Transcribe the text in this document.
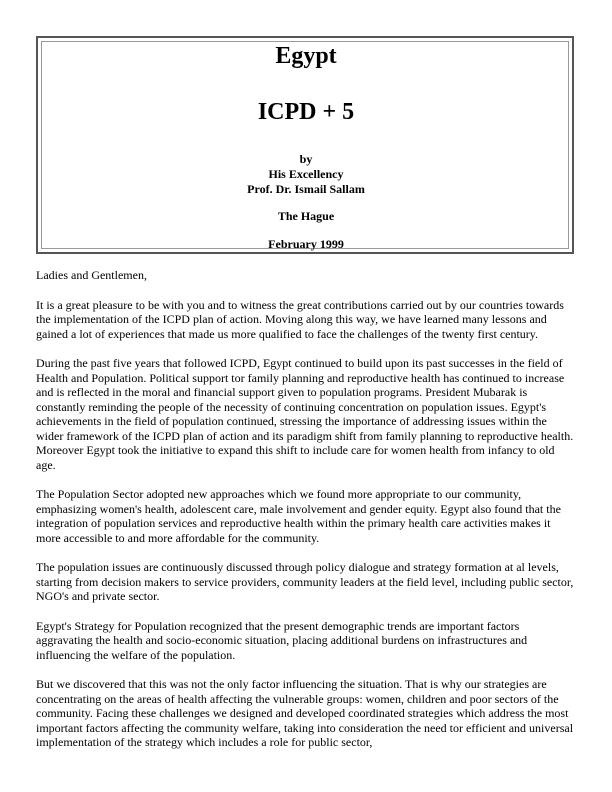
Egypt
ICPD + 5
by
His Excellency
Prof. Dr. Ismail Sallam
The Hague
February 1999

Ladies and Gentlemen,

It is a great pleasure to be with you and to witness the great contributions carried out by our countries towards the implementation of the ICPD plan of action. Moving along this way, we have learned many lessons and gained a lot of experiences that made us more qualified to face the challenges of the twenty first century.

During the past five years that followed ICPD, Egypt continued to build upon its past successes in the field of Health and Population. Political support tor family planning and reproductive health has continued to increase and is reflected in the moral and financial support given to population programs. President Mubarak is constantly reminding the people of the necessity of continuing concentration on population issues. Egypt's achievements in the field of population continued, stressing the importance of addressing issues within the wider framework of the ICPD plan of action and its paradigm shift from family planning to reproductive health. Moreover Egypt took the initiative to expand this shift to include care for women health from infancy to old age.

The Population Sector adopted new approaches which we found more appropriate to our community, emphasizing women's health, adolescent care, male involvement and gender equity. Egypt also found that the integration of population services and reproductive health within the primary health care activities makes it more accessible to and more affordable for the community.

The population issues are continuously discussed through policy dialogue and strategy formation at al levels, starting from decision makers to service providers, community leaders at the field level, including public sector, NGO's and private sector.

Egypt's Strategy for Population recognized that the present demographic trends are important factors aggravating the health and socio-economic situation, placing additional burdens on infrastructures and influencing the welfare of the population.

But we discovered that this was not the only factor influencing the situation. That is why our strategies are concentrating on the areas of health affecting the vulnerable groups: women, children and poor sectors of the community. Facing these challenges we designed and developed coordinated strategies which address the most important factors affecting the community welfare, taking into consideration the need tor efficient and universal implementation of the strategy which includes a role for public sector,
